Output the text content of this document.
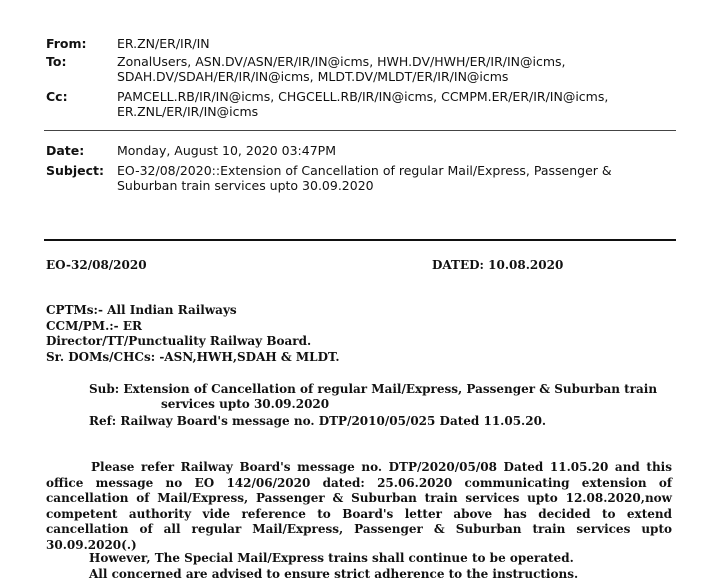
From: ER.ZN/ER/IR/IN
To:	ZonalUsers, ASN.DV/ASN/ER/IR/IN@icms, HWH.DV/HWH/ER/IR/IN@icms,
SDAH.DV/SDAH/ER/IR/IN@icms, MLDT.DV/MLDT/ER/IR/IN@icms
Cc:	PAMCELL.RB/IR/IN@icms, CHGCELL.RB/IR/IN@icms, CCMPM.ER/ER/IR/IN@icms,
ER.ZNL/ER/IR/IN@icms
Date:	Monday, August 10, 2020 03:47PM
Subject: EO-32/08/2020::Extension of Cancellation of regular Mail/Express, Passenger &
Suburban train services upto 30.09.2020
EO-32/08/2020	DATED: 10.08.2020
CPTMs:- All Indian Railways
CCM/PM.:- ER
Director/TT/Punctuality Railway Board.
Sr. DOMs/CHCs: -ASN,HWH,SDAH & MLDT.
Sub: Extension of Cancellation of regular Mail/Express, Passenger & Suburban train
services upto 30.09.2020
Ref: Railway Board's message no. DTP/2010/05/025 Dated 11.05.20.
Please refer Railway Board's message no. DTP/2020/05/08 Dated 11.05.20 and this
office message no EO 142/06/2020 dated: 25.06.2020 communicating extension of
cancellation of Mail/Express, Passenger & Suburban train services upto 12.08.2020,now
competent authority vide reference to Board's letter above has decided to extend
cancellation of all regular Mail/Express, Passenger & Suburban train services upto
30.09.2020(.)
However, The Special Mail/Express trains shall continue to be operated.
All concerned are advised to ensure strict adherence to the instructions.
